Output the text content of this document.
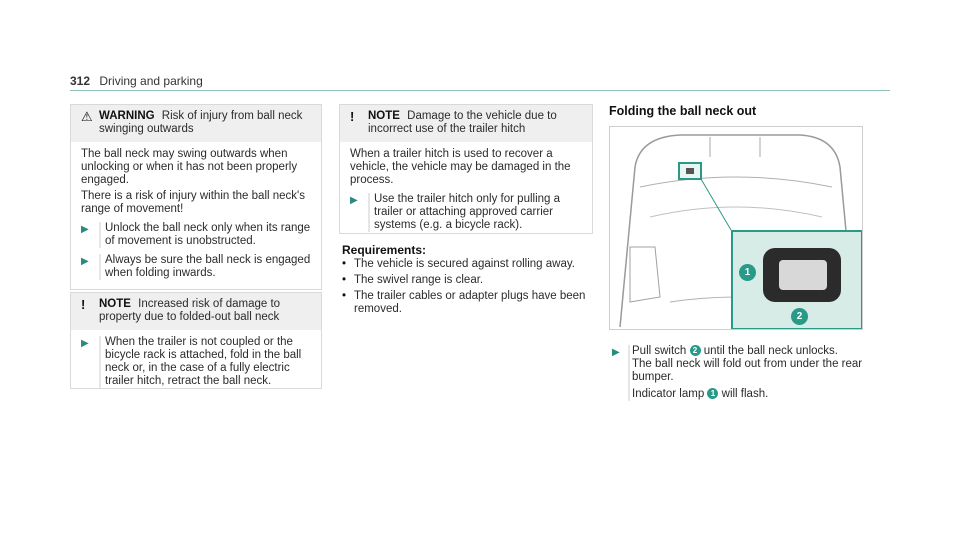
312 Driving and parking
⚠ WARNING Risk of injury from ball neck swinging outwards

The ball neck may swing outwards when unlocking or when it has not been properly engaged.

There is a risk of injury within the ball neck's range of movement!

▶	Unlock the ball neck only when its range of movement is unobstructed.
▶	Always be sure the ball neck is engaged when folding inwards.
!	NOTE Increased risk of damage to property due to folded-out ball neck
▶	When the trailer is not coupled or the bicycle rack is attached, fold in the ball neck or, in the case of a fully electric trailer hitch, retract the ball neck.
!	NOTE Damage to the vehicle due to incorrect use of the trailer hitch

When a trailer hitch is used to recover a vehicle, the vehicle may be damaged in the process.

▶	Use the trailer hitch only for pulling a trailer or attaching approved carrier systems (e.g. a bicycle rack).
Requirements:
• The vehicle is secured against rolling away.
• The swivel range is clear.
• The trailer cables or adapter plugs have been removed.
Folding the ball neck out
1
2
▶ Pull switch 2 until the ball neck unlocks.
The ball neck will fold out from under the rear bumper.

Indicator lamp 1 will flash.
